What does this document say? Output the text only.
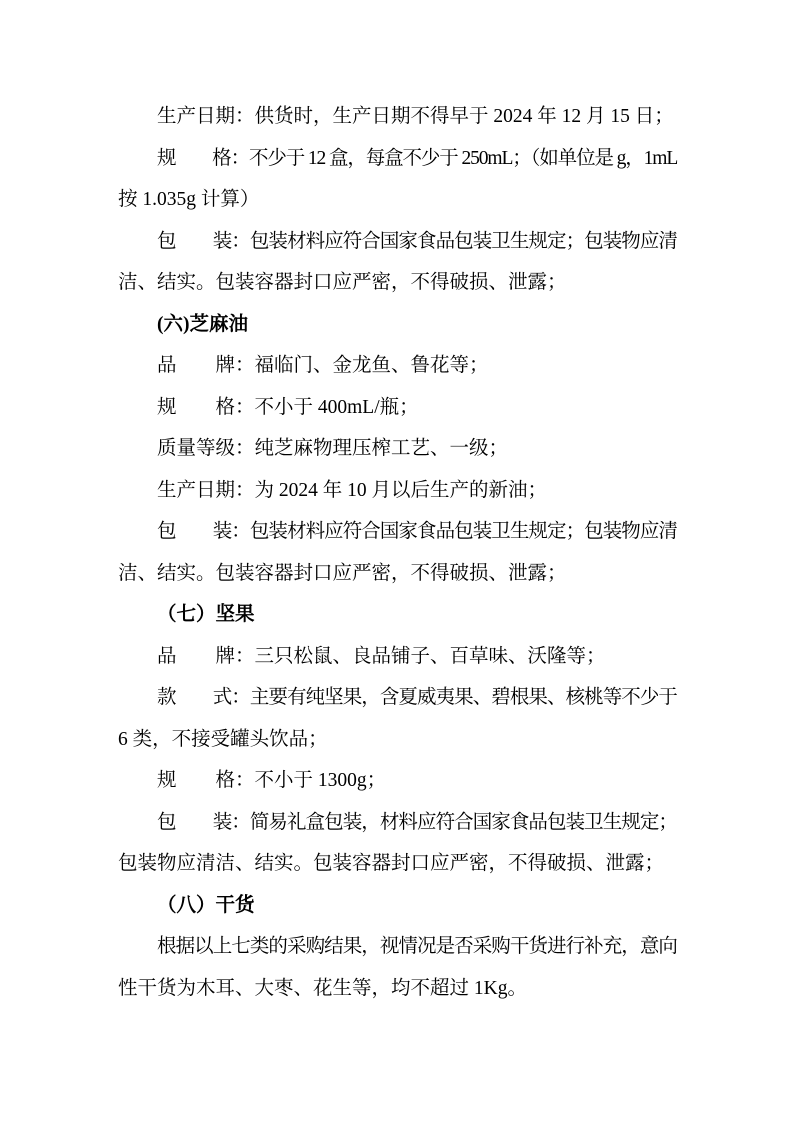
生产日期：供货时，生产日期不得早于 2024 年 12 月 15 日；

规　　格：不少于 12 盒，每盒不少于 250mL；（如单位是 g，1mL

按 1.035g 计算）

包　　装：包装材料应符合国家食品包装卫生规定；包装物应清

洁、结实。包装容器封口应严密，不得破损、泄露；

(六)芝麻油

品　　牌：福临门、金龙鱼、鲁花等；

规　　格：不小于 400mL/瓶；

质量等级：纯芝麻物理压榨工艺、一级；

生产日期：为 2024 年 10 月以后生产的新油；

包　　装：包装材料应符合国家食品包装卫生规定；包装物应清

洁、结实。包装容器封口应严密，不得破损、泄露；

（七）坚果

品　　牌：三只松鼠、良品铺子、百草味、沃隆等；

款　　式：主要有纯坚果，含夏威夷果、碧根果、核桃等不少于

6 类，不接受罐头饮品；

规　　格：不小于 1300g；

包　　装：简易礼盒包装，材料应符合国家食品包装卫生规定；

包装物应清洁、结实。包装容器封口应严密，不得破损、泄露；

（八）干货

根据以上七类的采购结果，视情况是否采购干货进行补充，意向

性干货为木耳、大枣、花生等，均不超过 1Kg。
